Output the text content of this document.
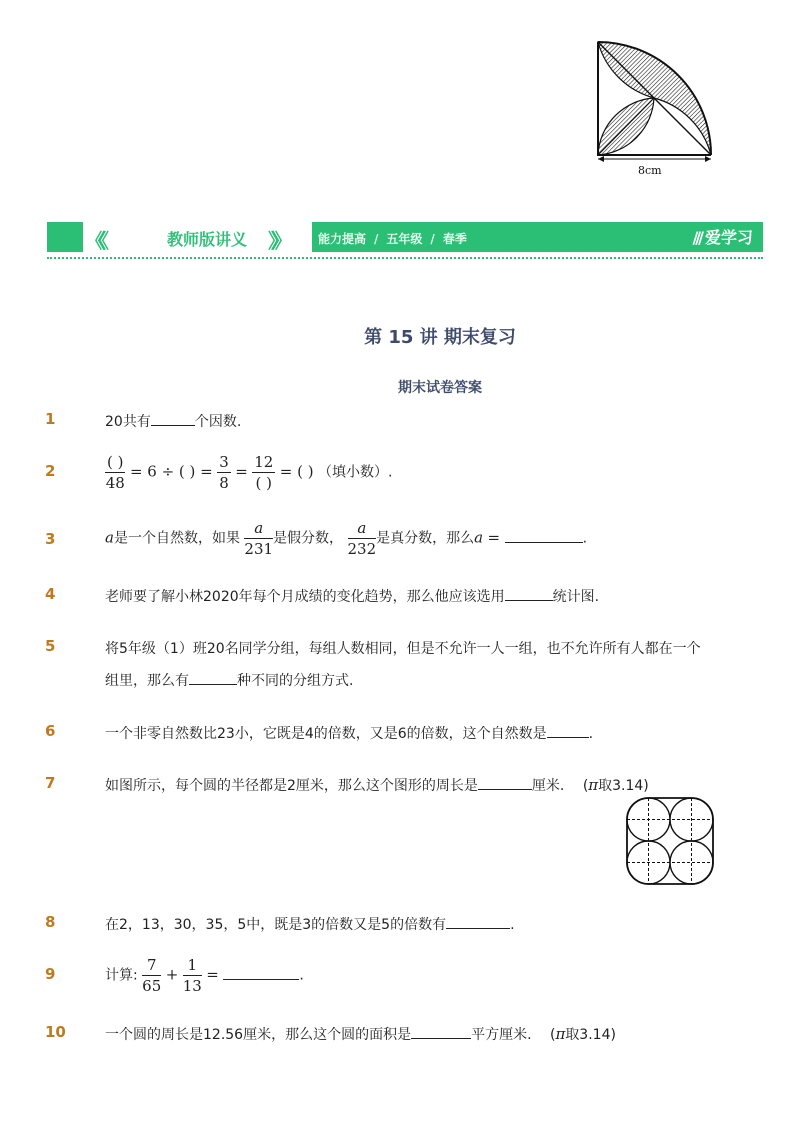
8cm
《《	教师版讲义 》》	能力提高 / 五年级 / 春季	/// 爱学习
第 15 讲 期末复习
期末试卷答案
1	20共有	个因数.
2	$\frac{( )}{48} = 6$ ÷ ( ) = $\frac{3}{8} = \frac{12}{( )}$ = ( ) （填小数）.
3	a是一个自然数，如果 $\frac{a}{231}$ 是假分数， $\frac{a}{232}$ 是真分数，那么a =	.
4	老师要了解小林2020年每个月成绩的变化趋势，那么他应该选用	统计图.
5	将5年级（1）班20名同学分组，每组人数相同，但是不允许一人一组，也不允许所有人都在一个
组里，那么有	种不同的分组方式.
6	一个非零自然数比23小，它既是4的倍数，又是6的倍数，这个自然数是	.
7	如图所示，每个圆的半径都是2厘米，那么这个图形的周长是	厘米. (π取3.14)
8	在2，13，30，35，5中，既是3的倍数又是5的倍数有	.
9	计算: $\frac{7}{65} + \frac{1}{13}$ =	.
10	一个圆的周长是12.56厘米，那么这个圆的面积是	平方厘米. (π取3.14)
